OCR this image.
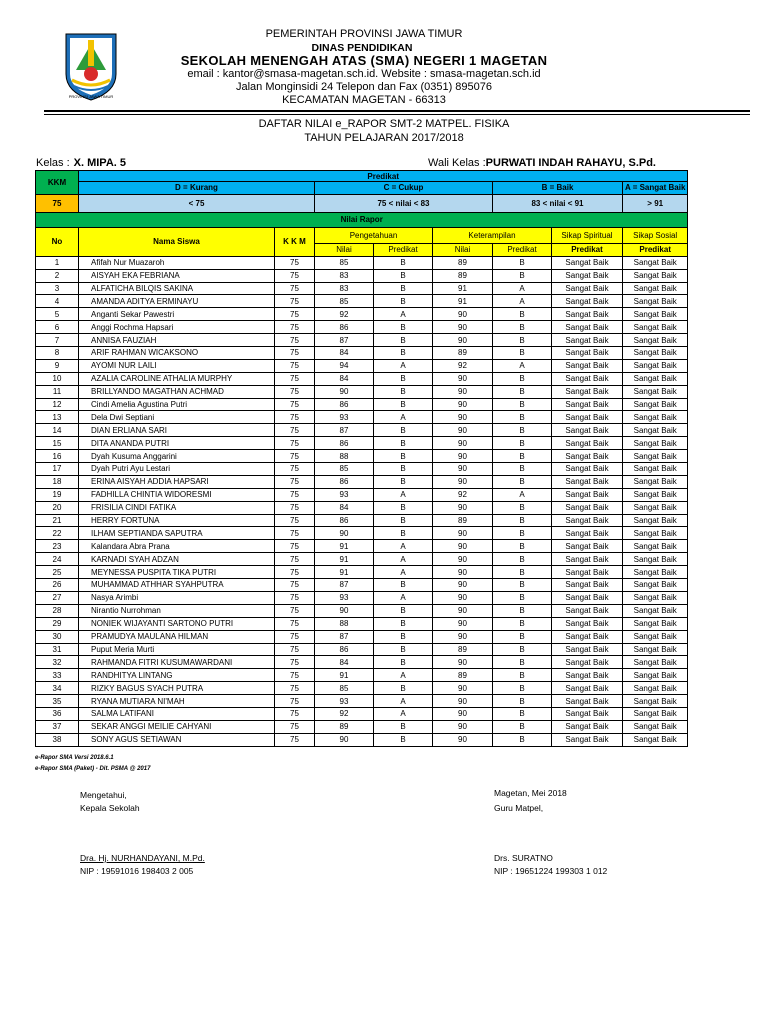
PROVINSI JAWA TIMUR
PEMERINTAH PROVINSI JAWA TIMUR
DINAS PENDIDIKAN
SEKOLAH MENENGAH ATAS (SMA) NEGERI 1 MAGETAN
email : kantor@smasa-magetan.sch.id. Website : smasa-magetan.sch.id
Jalan Monginsidi 24 Telepon dan Fax (0351) 895076
KECAMATAN MAGETAN - 66313
DAFTAR NILAI e_RAPOR SMT-2 MATPEL. FISIKA
TAHUN PELAJARAN 2017/2018
Kelas : X. MIPA. 5	Wali Kelas :PURWATI INDAH RAHAYU, S.Pd.
KKM	Predikat							
	D = Kurang		C = Cukup			B = Baik		A = Sangat Baik
75	< 75		75 < nilai < 83			83 < nilai < 91		> 91
Nilai Rapor								
No	Nama Siswa	K K M	Pengetahuan		Keterampilan		Sikap Spiritual	Sikap Sosial
			Nilai	Predikat	Nilai	Predikat	Predikat	Predikat
1	Afifah Nur Muazaroh	75	85	B	89	B	Sangat Baik	Sangat Baik
2	AISYAH EKA FEBRIANA	75	83	B	89	B	Sangat Baik	Sangat Baik
3	ALFATICHA BILQIS SAKINA	75	83	B	91	A	Sangat Baik	Sangat Baik
4	AMANDA ADITYA ERMINAYU	75	85	B	91	A	Sangat Baik	Sangat Baik
5	Anganti Sekar Pawestri	75	92	A	90	B	Sangat Baik	Sangat Baik
6	Anggi Rochma Hapsari	75	86	B	90	B	Sangat Baik	Sangat Baik
7	ANNISA FAUZIAH	75	87	B	90	B	Sangat Baik	Sangat Baik
8	ARIF RAHMAN WICAKSONO	75	84	B	89	B	Sangat Baik	Sangat Baik
9	AYOMI NUR LAILI	75	94	A	92	A	Sangat Baik	Sangat Baik
10	AZALIA CAROLINE ATHALIA MURPHY	75	84	B	90	B	Sangat Baik	Sangat Baik
11	BRILLYANDO MAGATHAN ACHMAD	75	90	B	90	B	Sangat Baik	Sangat Baik
12	Cindi Amelia Agustina Putri	75	86	B	90	B	Sangat Baik	Sangat Baik
13	Dela Dwi Septiani	75	93	A	90	B	Sangat Baik	Sangat Baik
14	DIAN ERLIANA SARI	75	87	B	90	B	Sangat Baik	Sangat Baik
15	DITA ANANDA PUTRI	75	86	B	90	B	Sangat Baik	Sangat Baik
16	Dyah Kusuma Anggarini	75	88	B	90	B	Sangat Baik	Sangat Baik
17	Dyah Putri Ayu Lestari	75	85	B	90	B	Sangat Baik	Sangat Baik
18	ERINA AISYAH ADDIA HAPSARI	75	86	B	90	B	Sangat Baik	Sangat Baik
19	FADHILLA CHINTIA WIDORESMI	75	93	A	92	A	Sangat Baik	Sangat Baik
20	FRISILIA CINDI FATIKA	75	84	B	90	B	Sangat Baik	Sangat Baik
21	HERRY FORTUNA	75	86	B	89	B	Sangat Baik	Sangat Baik
22	ILHAM SEPTIANDA SAPUTRA	75	90	B	90	B	Sangat Baik	Sangat Baik
23	Kalandara Abra Prana	75	91	A	90	B	Sangat Baik	Sangat Baik
24	KARNADI SYAH ADZAN	75	91	A	90	B	Sangat Baik	Sangat Baik
25	MEYNESSA PUSPITA TIKA PUTRI	75	91	A	90	B	Sangat Baik	Sangat Baik
26	MUHAMMAD ATHHAR SYAHPUTRA	75	87	B	90	B	Sangat Baik	Sangat Baik
27	Nasya Arimbi	75	93	A	90	B	Sangat Baik	Sangat Baik
28	Nirantio Nurrohman	75	90	B	90	B	Sangat Baik	Sangat Baik
29	NONIEK WIJAYANTI SARTONO PUTRI	75	88	B	90	B	Sangat Baik	Sangat Baik
30	PRAMUDYA MAULANA HILMAN	75	87	B	90	B	Sangat Baik	Sangat Baik
31	Puput Meria Murti	75	86	B	89	B	Sangat Baik	Sangat Baik
32	RAHMANDA FITRI KUSUMAWARDANI	75	84	B	90	B	Sangat Baik	Sangat Baik
33	RANDHITYA LINTANG	75	91	A	89	B	Sangat Baik	Sangat Baik
34	RIZKY BAGUS SYACH PUTRA	75	85	B	90	B	Sangat Baik	Sangat Baik
35	RYANA MUTIARA NI'MAH	75	93	A	90	B	Sangat Baik	Sangat Baik
36	SALMA LATIFANI	75	92	A	90	B	Sangat Baik	Sangat Baik
37	SEKAR ANGGI MEILIE CAHYANI	75	89	B	90	B	Sangat Baik	Sangat Baik
38	SONY AGUS SETIAWAN	75	90	B	90	B	Sangat Baik	Sangat Baik
e-Rapor SMA Versi 2018.6.1
e-Rapor SMA (Paket) - Dit. PSMA @ 2017
Mengetahui,
Kepala Sekolah
Dra. Hj. NURHANDAYANI, M.Pd.
NIP : 19591016 198403 2 005
Magetan, Mei 2018
Guru Matpel,
Drs. SURATNO
NIP : 19651224 199303 1 012
